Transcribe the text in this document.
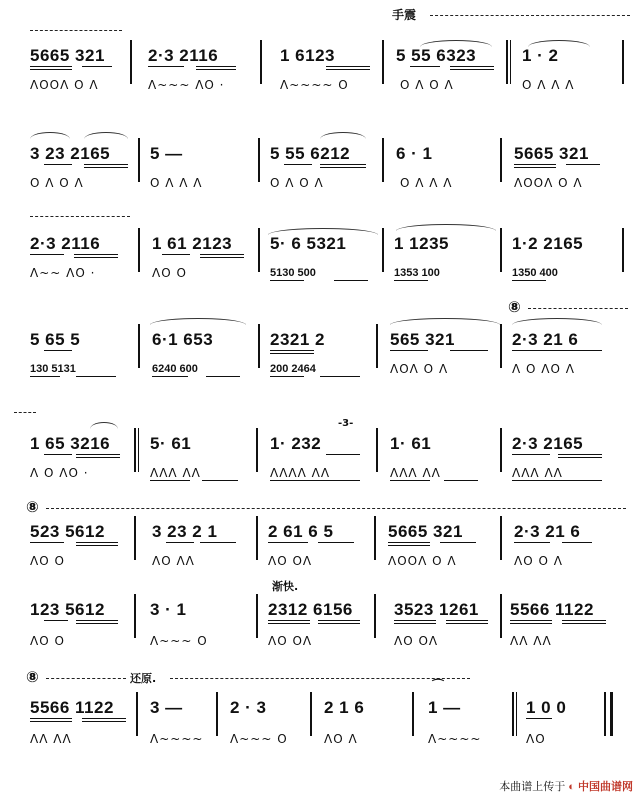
手震
5665 321
ΛOOΛ O Λ
2·3 2116
Λ~~~ ΛO ·
1 6123
Λ~~~~ O
5 55 6323
O Λ O Λ
1 · 2
O Λ Λ Λ
3 23 2165
O Λ O Λ
5 —
O Λ Λ Λ
5 55 6212
O Λ O Λ
6 · 1
O Λ Λ Λ
5665 321
ΛOOΛ O Λ
2·3 2116
Λ~~ ΛO ·
1 61 2123
ΛO O
5· 6 5321
5130 500
1 1235
1353 100
1·2 2165
1350 400
⑧
5 65 5
130 5131
6·1 653
6240 600
2321 2
200 2464
565 321
ΛOΛ O Λ
2·3 21 6
Λ O ΛO Λ
-3-
1 65 3216
Λ O ΛO ·
5· 61
ΛΛΛ ΛΛ
1· 232
ΛΛΛΛ ΛΛ
1· 61
ΛΛΛ ΛΛ
2·3 2165
ΛΛΛ ΛΛ
⑧
523 5612
ΛO O
3 23 2 1
ΛO ΛΛ
2 61 6 5
ΛO OΛ
5665 321
ΛOOΛ O Λ
2·3 21 6
ΛO O Λ
渐快.
123 5612
ΛO O
3 · 1
Λ~~~ O
2312 6156
ΛO OΛ
3523 1261
ΛO OΛ
5566 1122
ΛΛ ΛΛ
⑧	还原.	⌒
5566 1122
ΛΛ ΛΛ
3 —
Λ~~~~
2 · 3
Λ~~~ O
2 1 6
ΛO Λ
1 —
Λ~~~~
1 0 0
ΛO
本曲谱上传于 ◐ 中国曲谱网
